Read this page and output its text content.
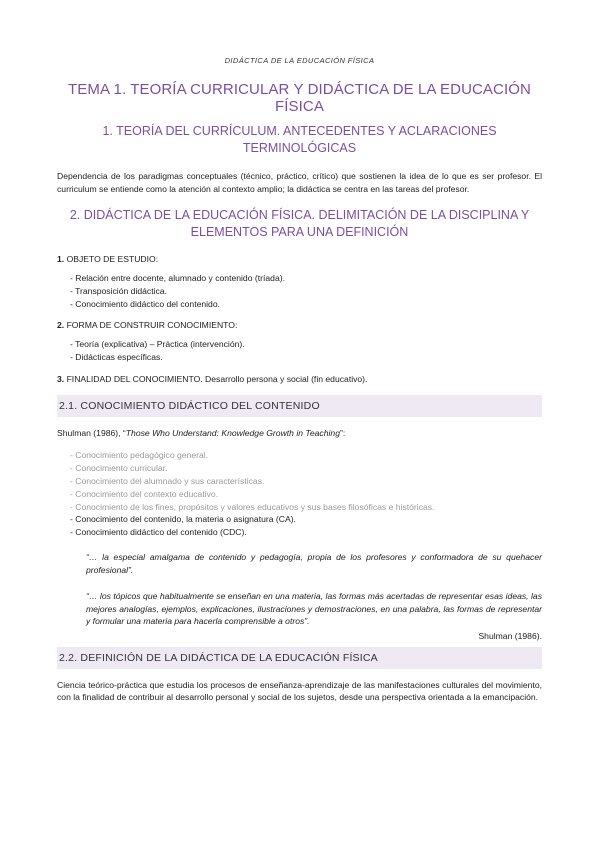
DIDÁCTICA DE LA EDUCACIÓN FÍSICA
TEMA 1. TEORÍA CURRICULAR Y DIDÁCTICA DE LA EDUCACIÓN FÍSICA
1. TEORÍA DEL CURRÍCULUM. ANTECEDENTES Y ACLARACIONES TERMINOLÓGICAS
Dependencia de los paradigmas conceptuales (técnico, práctico, crítico) que sostienen la idea de lo que es ser profesor. El curriculum se entiende como la atención al contexto amplio; la didáctica se centra en las tareas del profesor.
2. DIDÁCTICA DE LA EDUCACIÓN FÍSICA. DELIMITACIÓN DE LA DISCIPLINA Y
ELEMENTOS PARA UNA DEFINICIÓN
1. OBJETO DE ESTUDIO:
- Relación entre docente, alumnado y contenido (tríada).
- Transposición didáctica.
- Conocimiento didáctico del contenido.
2. FORMA DE CONSTRUIR CONOCIMIENTO:
- Teoría (explicativa) – Práctica (intervención).
- Didácticas específicas.
3. FINALIDAD DEL CONOCIMIENTO. Desarrollo persona y social (fin educativo).
2.1. CONOCIMIENTO DIDÁCTICO DEL CONTENIDO
Shulman (1986), “Those Who Understand: Knowledge Growth in Teaching”:
- Conocimiento pedagógico general.
- Conocimiento curricular.
- Conocimiento del alumnado y sus características.
- Conocimiento del contexto educativo.
- Conocimiento de los fines, propósitos y valores educativos y sus bases filosóficas e históricas.
- Conocimiento del contenido, la materia o asignatura (CA).
- Conocimiento didáctico del contenido (CDC).
“… la especial amalgama de contenido y pedagogía, propia de los profesores y conformadora de su quehacer profesional”.
“… los tópicos que habitualmente se enseñan en una materia, las formas más acertadas de representar esas ideas, las mejores analogías, ejemplos, explicaciones, ilustraciones y demostraciones, en una palabra, las formas de representar y formular una materia para hacerla comprensible a otros”.
Shulman (1986).
2.2. DEFINICIÓN DE LA DIDÁCTICA DE LA EDUCACIÓN FÍSICA
Ciencia teórico-práctica que estudia los procesos de enseñanza-aprendizaje de las manifestaciones culturales del movimiento, con la finalidad de contribuir al desarrollo personal y social de los sujetos, desde una perspectiva orientada a la emancipación.
